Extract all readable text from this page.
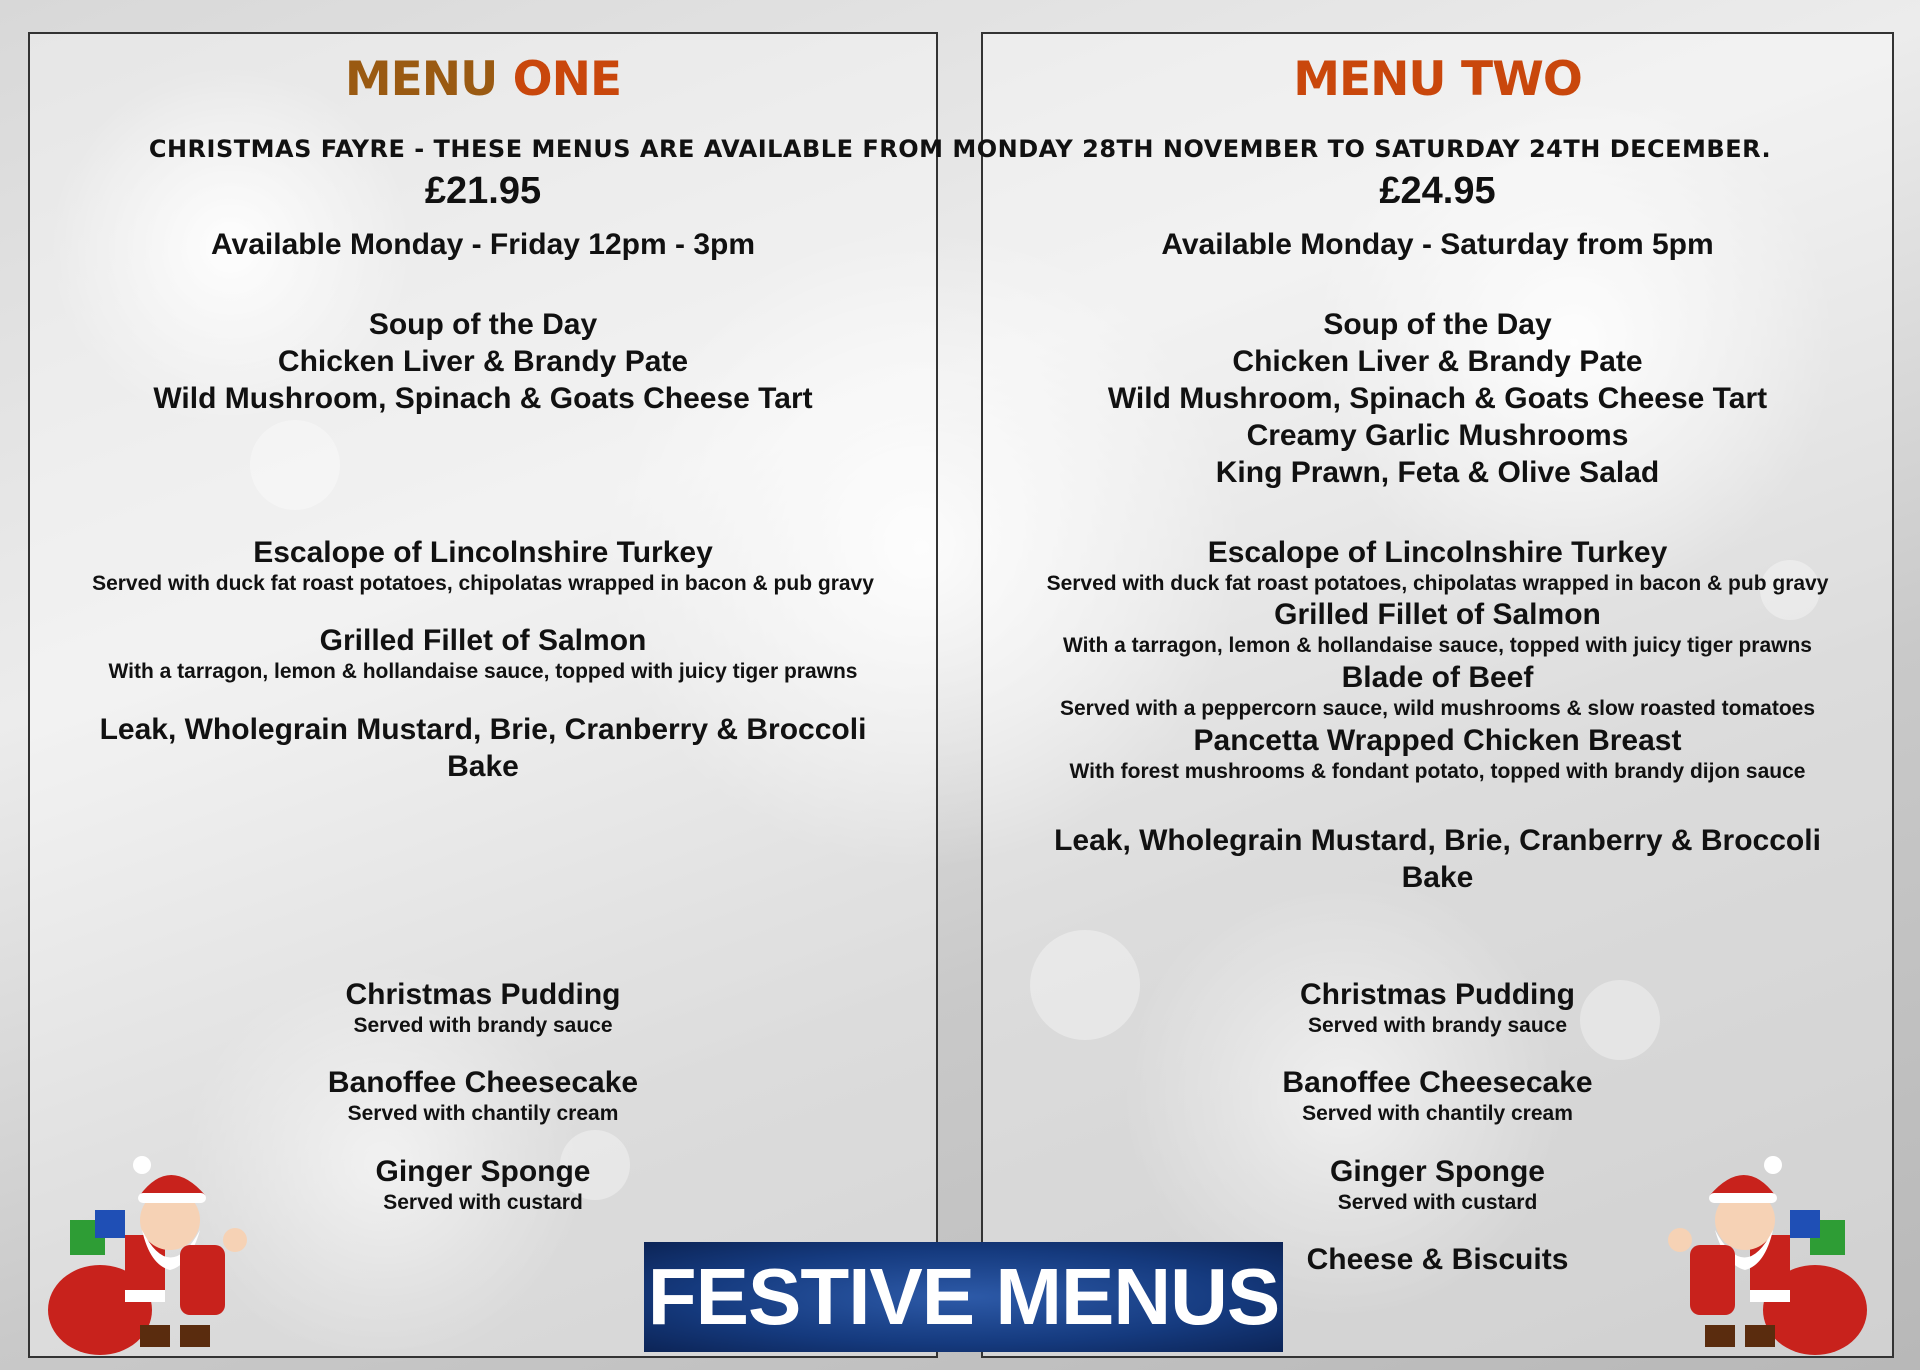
MENU ONE
£21.95
Available Monday - Friday 12pm - 3pm
Soup of the Day
Chicken Liver & Brandy Pate
Wild Mushroom, Spinach & Goats Cheese Tart
Escalope of Lincolnshire Turkey
Served with duck fat roast potatoes, chipolatas wrapped in bacon & pub gravy
Grilled Fillet of Salmon
With a tarragon, lemon & hollandaise sauce, topped with juicy tiger prawns
Leak, Wholegrain Mustard, Brie, Cranberry & Broccoli
Bake
Christmas Pudding
Served with brandy sauce
Banoffee Cheesecake
Served with chantily cream
Ginger Sponge
Served with custard
MENU TWO
£24.95
Available Monday - Saturday from 5pm
Soup of the Day
Chicken Liver & Brandy Pate
Wild Mushroom, Spinach & Goats Cheese Tart
Creamy Garlic Mushrooms
King Prawn, Feta & Olive Salad
Escalope of Lincolnshire Turkey
Served with duck fat roast potatoes, chipolatas wrapped in bacon & pub gravy
Grilled Fillet of Salmon
With a tarragon, lemon & hollandaise sauce, topped with juicy tiger prawns
Blade of Beef
Served with a peppercorn sauce, wild mushrooms & slow roasted tomatoes
Pancetta Wrapped Chicken Breast
With forest mushrooms & fondant potato, topped with brandy dijon sauce
Leak, Wholegrain Mustard, Brie, Cranberry & Broccoli
Bake
Christmas Pudding
Served with brandy sauce
Banoffee Cheesecake
Served with chantily cream
Ginger Sponge
Served with custard
Cheese & Biscuits
CHRISTMAS FAYRE - THESE MENUS ARE AVAILABLE FROM MONDAY 28TH NOVEMBER TO SATURDAY 24TH DECEMBER.
FESTIVE MENUS
